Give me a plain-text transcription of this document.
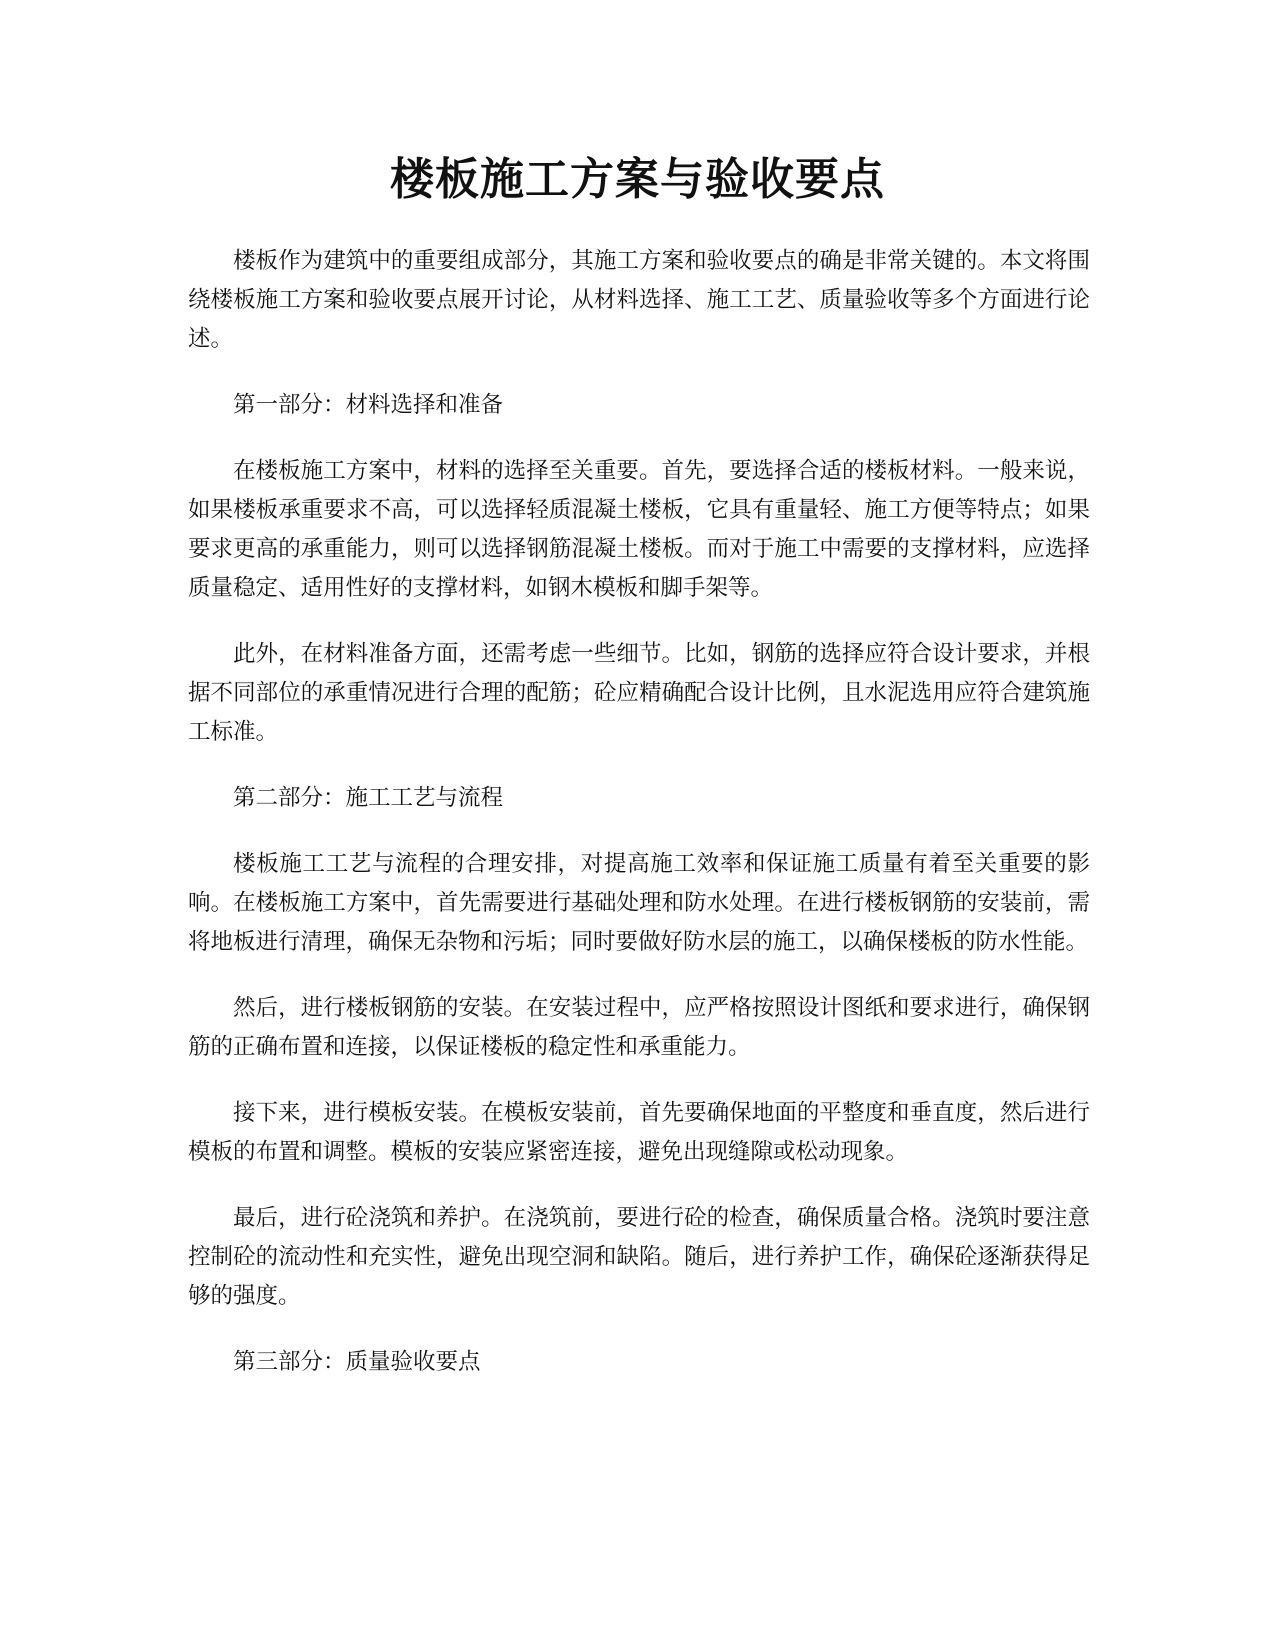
楼板施工方案与验收要点

楼板作为建筑中的重要组成部分，其施工方案和验收要点的确是非常关键的。本文将围绕楼板施工方案和验收要点展开讨论，从材料选择、施工工艺、质量验收等多个方面进行论述。

第一部分：材料选择和准备

在楼板施工方案中，材料的选择至关重要。首先，要选择合适的楼板材料。一般来说，如果楼板承重要求不高，可以选择轻质混凝土楼板，它具有重量轻、施工方便等特点；如果要求更高的承重能力，则可以选择钢筋混凝土楼板。而对于施工中需要的支撑材料，应选择质量稳定、适用性好的支撑材料，如钢木模板和脚手架等。

此外，在材料准备方面，还需考虑一些细节。比如，钢筋的选择应符合设计要求，并根据不同部位的承重情况进行合理的配筋；砼应精确配合设计比例，且水泥选用应符合建筑施工标准。

第二部分：施工工艺与流程

楼板施工工艺与流程的合理安排，对提高施工效率和保证施工质量有着至关重要的影响。在楼板施工方案中，首先需要进行基础处理和防水处理。在进行楼板钢筋的安装前，需将地板进行清理，确保无杂物和污垢；同时要做好防水层的施工，以确保楼板的防水性能。

然后，进行楼板钢筋的安装。在安装过程中，应严格按照设计图纸和要求进行，确保钢筋的正确布置和连接，以保证楼板的稳定性和承重能力。

接下来，进行模板安装。在模板安装前，首先要确保地面的平整度和垂直度，然后进行模板的布置和调整。模板的安装应紧密连接，避免出现缝隙或松动现象。

最后，进行砼浇筑和养护。在浇筑前，要进行砼的检查，确保质量合格。浇筑时要注意控制砼的流动性和充实性，避免出现空洞和缺陷。随后，进行养护工作，确保砼逐渐获得足够的强度。

第三部分：质量验收要点
